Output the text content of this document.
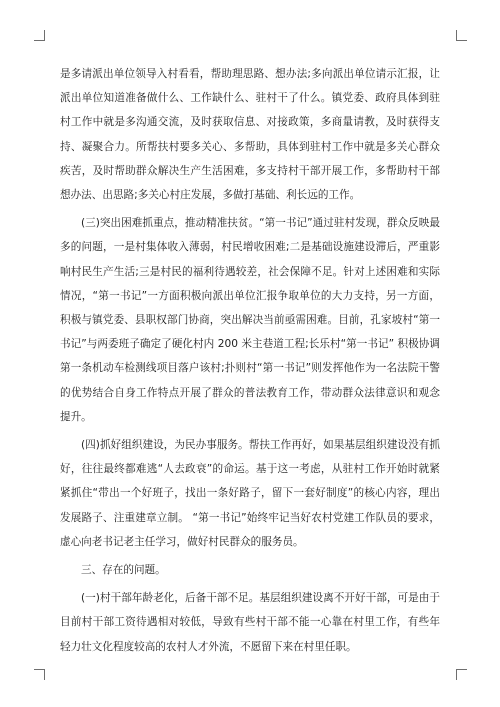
是多请派出单位领导入村看看，帮助理思路、想办法;多向派出单位请示汇报，让派出单位知道准备做什么、工作缺什么、驻村干了什么。镇党委、政府具体到驻村工作中就是多沟通交流，及时获取信息、对接政策，多商量请教，及时获得支持、凝聚合力。所帮扶村要多关心、多帮助，具体到驻村工作中就是多关心群众疾苦，及时帮助群众解决生产生活困难，多支持村干部开展工作，多帮助村干部想办法、出思路;多关心村庄发展，多做打基础、利长远的工作。

(三)突出困难抓重点，推动精准扶贫。“第一书记”通过驻村发现，群众反映最多的问题，一是村集体收入薄弱，村民增收困难;二是基础设施建设滞后，严重影响村民生产生活;三是村民的福利待遇较差，社会保障不足。针对上述困难和实际情况，“第一书记”一方面积极向派出单位汇报争取单位的大力支持，另一方面，积极与镇党委、县职权部门协商，突出解决当前亟需困难。目前，孔家坡村“第一书记”与两委班子确定了硬化村内 200 米主巷道工程;长乐村“第一书记” 积极协调第一条机动车检测线项目落户该村;扑则村“第一书记”则发挥他作为一名法院干警的优势结合自身工作特点开展了群众的普法教育工作，带动群众法律意识和观念提升。

(四)抓好组织建设，为民办事服务。帮扶工作再好，如果基层组织建设没有抓好，往往最终都难逃“人去政衰”的命运。基于这一考虑，从驻村工作开始时就紧紧抓住“带出一个好班子，找出一条好路子，留下一套好制度”的核心内容，理出发展路子、注重建章立制。 “第一书记”始终牢记当好农村党建工作队员的要求，虚心向老书记老主任学习，做好村民群众的服务员。

三、存在的问题。

(一)村干部年龄老化，后备干部不足。基层组织建设离不开好干部，可是由于目前村干部工资待遇相对较低，导致有些村干部不能一心靠在村里工作，有些年轻力壮文化程度较高的农村人才外流，不愿留下来在村里任职。
